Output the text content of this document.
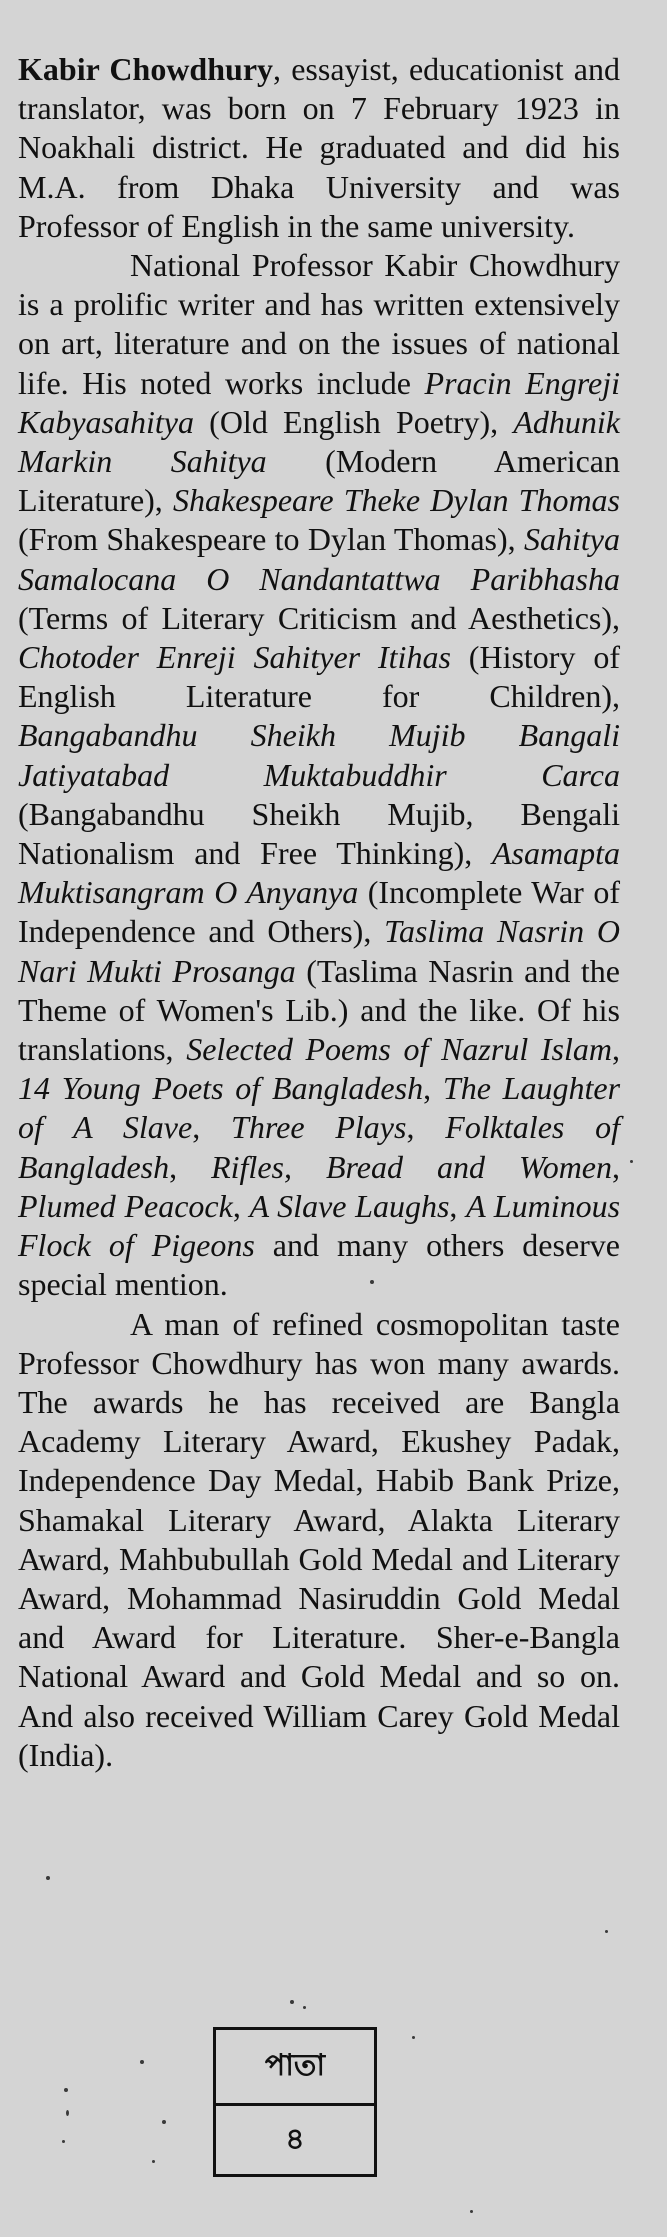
Kabir Chowdhury, essayist, educationist and translator, was born on 7 February 1923 in Noakhali district. He graduated and did his M.A. from Dhaka University and was Professor of English in the same university.

National Professor Kabir Chowdhury is a prolific writer and has written extensively on art, literature and on the issues of national life. His noted works include Pracin Engreji Kabyasahitya (Old English Poetry), Adhunik Markin Sahitya (Modern American Literature), Shakespeare Theke Dylan Thomas (From Shakespeare to Dylan Thomas), Sahitya Samalocana O Nandantattwa Paribhasha (Terms of Literary Criticism and Aesthetics), Chotoder Enreji Sahityer Itihas (History of English Literature for Children), Bangabandhu Sheikh Mujib Bangali Jatiyatabad Muktabuddhir Carca (Bangabandhu Sheikh Mujib, Bengali Nationalism and Free Thinking), Asamapta Muktisangram O Anyanya (Incomplete War of Independence and Others), Taslima Nasrin O Nari Mukti Prosanga (Taslima Nasrin and the Theme of Women's Lib.) and the like. Of his translations, Selected Poems of Nazrul Islam, 14 Young Poets of Bangladesh, The Laughter of A Slave, Three Plays, Folktales of Bangladesh, Rifles, Bread and Women, Plumed Peacock, A Slave Laughs, A Luminous Flock of Pigeons and many others deserve special mention.

A man of refined cosmopolitan taste Professor Chowdhury has won many awards. The awards he has received are Bangla Academy Literary Award, Ekushey Padak, Independence Day Medal, Habib Bank Prize, Shamakal Literary Award, Alakta Literary Award, Mahbubullah Gold Medal and Literary Award, Mohammad Nasiruddin Gold Medal and Award for Literature. Sher-e-Bangla National Award and Gold Medal and so on. And also received William Carey Gold Medal (India).

পাতা
৪
